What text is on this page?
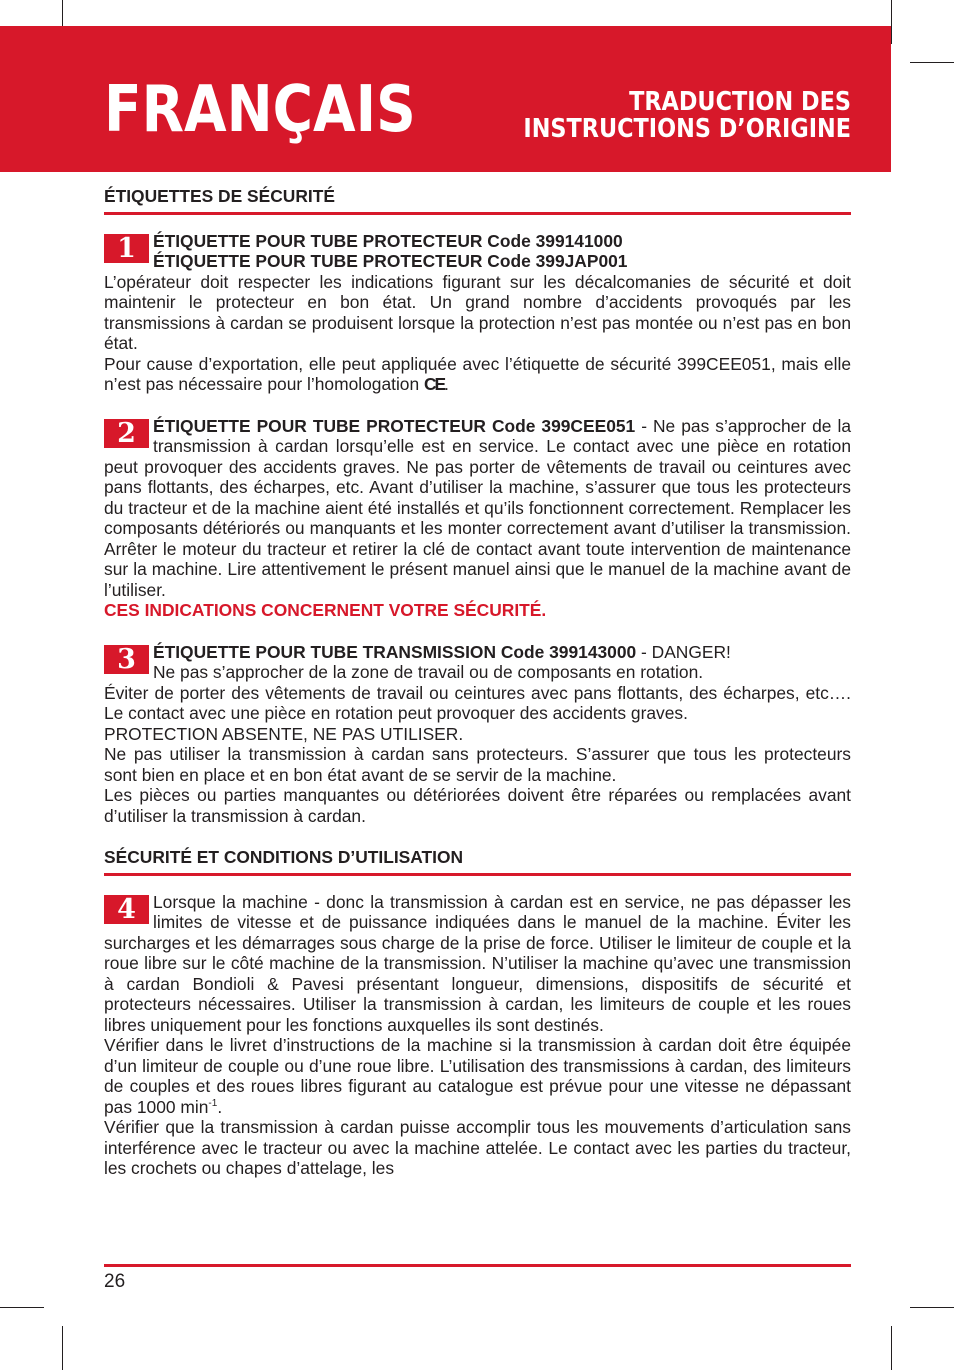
FRANÇAIS	TRADUCTION DES
INSTRUCTIONS D’ORIGINE
ÉTIQUETTES DE SÉCURITÉ
1 ÉTIQUETTE POUR TUBE PROTECTEUR Code 399141000
ÉTIQUETTE POUR TUBE PROTECTEUR Code 399JAP001

L’opérateur doit respecter les indications figurant sur les décalcomanies de sécurité et doit maintenir le protecteur en bon état. Un grand nombre d’accidents provoqués par les transmissions à cardan se produisent lorsque la protection n’est pas montée ou n’est pas en bon état.

Pour cause d’exportation, elle peut appliquée avec l’étiquette de sécurité 399CEE051, mais elle n’est pas nécessaire pour l’homologation CE.

2 ÉTIQUETTE POUR TUBE PROTECTEUR Code 399CEE051 - Ne pas s’approcher de la transmission à cardan lorsqu’elle est en service. Le contact avec une pièce en rotation peut provoquer des accidents graves. Ne pas porter de vêtements de travail ou ceintures avec pans flottants, des écharpes, etc. Avant d’utiliser la machine, s’assurer que tous les protecteurs du tracteur et de la machine aient été installés et qu’ils fonctionnent correctement. Remplacer les composants détériorés ou manquants et les monter correctement avant d’utiliser la transmission. Arrêter le moteur du tracteur et retirer la clé de contact avant toute intervention de maintenance sur la machine. Lire attentivement le présent manuel ainsi que le manuel de la machine avant de l’utiliser.

CES INDICATIONS CONCERNENT VOTRE SÉCURITÉ.

3 ÉTIQUETTE POUR TUBE TRANSMISSION Code 399143000 - DANGER!

Ne pas s’approcher de la zone de travail ou de composants en rotation.

Éviter de porter des vêtements de travail ou ceintures avec pans flottants, des écharpes, etc…. Le contact avec une pièce en rotation peut provoquer des accidents graves.

PROTECTION ABSENTE, NE PAS UTILISER.

Ne pas utiliser la transmission à cardan sans protecteurs. S’assurer que tous les protecteurs sont bien en place et en bon état avant de se servir de la machine.

Les pièces ou parties manquantes ou détériorées doivent être réparées ou remplacées avant d’utiliser la transmission à cardan.

SÉCURITÉ ET CONDITIONS D’UTILISATION
4 Lorsque la machine - donc la transmission à cardan est en service, ne pas dépasser les limites de vitesse et de puissance indiquées dans le manuel de la machine. Éviter les surcharges et les démarrages sous charge de la prise de force. Utiliser le limiteur de couple et la roue libre sur le côté machine de la transmission. N’utiliser la machine qu’avec une transmission à cardan Bondioli & Pavesi présentant longueur, dimensions, dispositifs de sécurité et protecteurs nécessaires. Utiliser la transmission à cardan, les limiteurs de couple et les roues libres uniquement pour les fonctions auxquelles ils sont destinés.

Vérifier dans le livret d’instructions de la machine si la transmission à cardan doit être équipée d’un limiteur de couple ou d’une roue libre. L’utilisation des transmissions à cardan, des limiteurs de couples et des roues libres figurant au catalogue est prévue pour une vitesse ne dépassant pas 1000 $\min^{-1}$.

Vérifier que la transmission à cardan puisse accomplir tous les mouvements d’articulation sans interférence avec le tracteur ou avec la machine attelée. Le contact avec les parties du tracteur, les crochets ou chapes d’attelage, les

26
